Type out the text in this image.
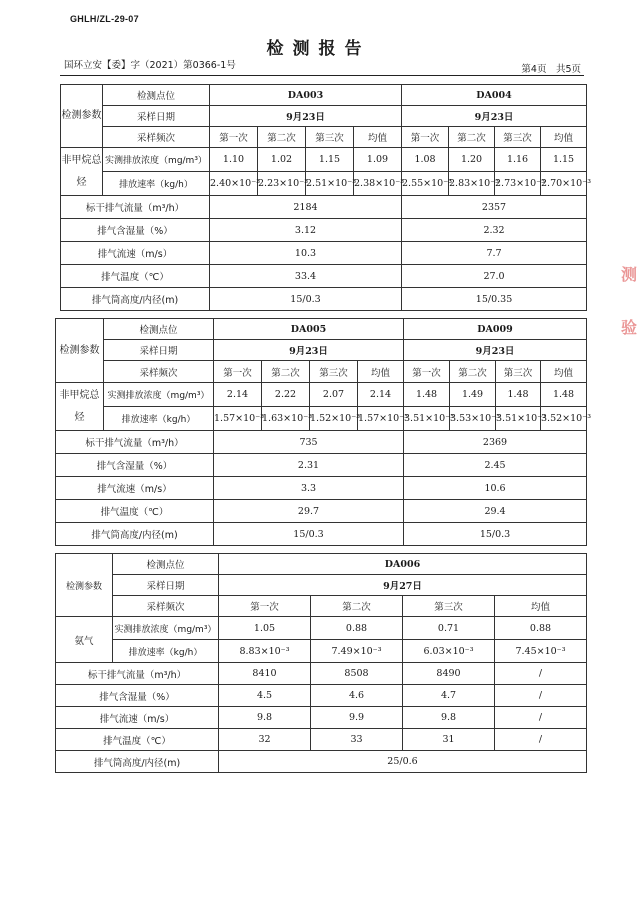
GHLH/ZL-29-07
检测报告
国环立安【委】字（2021）第0366-1号	第4页　共5页
测
验
检测参数	检测点位	DA003				DA004			
	采样日期	9月23日				9月23日			
	采样频次	第一次	第二次	第三次	均值	第一次	第二次	第三次	均值
非甲烷总烃	实测排放浓度（mg/m³）	1.10	1.02	1.15	1.09	1.08	1.20	1.16	1.15
	排放速率（kg/h）	2.40×10⁻³	2.23×10⁻³	2.51×10⁻³	2.38×10⁻³	2.55×10⁻³	2.83×10⁻³	2.73×10⁻³	2.70×10⁻³
标干排气流量（m³/h）		2184				2357			
排气含湿量（%）		3.12				2.32			
排气流速（m/s）		10.3				7.7			
排气温度（℃）		33.4				27.0			
排气筒高度/内径(m)		15/0.3				15/0.35			
检测参数	检测点位	DA005				DA009			
	采样日期	9月23日				9月23日			
	采样频次	第一次	第二次	第三次	均值	第一次	第二次	第三次	均值
非甲烷总烃	实测排放浓度（mg/m³）	2.14	2.22	2.07	2.14	1.48	1.49	1.48	1.48
	排放速率（kg/h）	1.57×10⁻³	1.63×10⁻³	1.52×10⁻³	1.57×10⁻³	3.51×10⁻³	3.53×10⁻³	3.51×10⁻³	3.52×10⁻³
标干排气流量（m³/h）		735				2369			
排气含湿量（%）		2.31				2.45			
排气流速（m/s）		3.3				10.6			
排气温度（℃）		29.7				29.4			
排气筒高度/内径(m)		15/0.3				15/0.3			
检测参数	检测点位	DA006			
	采样日期	9月27日			
	采样频次	第一次	第二次	第三次	均值
氨气	实测排放浓度（mg/m³）	1.05	0.88	0.71	0.88
	排放速率（kg/h）	8.83×10⁻³	7.49×10⁻³	6.03×10⁻³	7.45×10⁻³
标干排气流量（m³/h）		8410	8508	8490	/
排气含湿量（%）		4.5	4.6	4.7	/
排气流速（m/s）		9.8	9.9	9.8	/
排气温度（℃）		32	33	31	/
排气筒高度/内径(m)		25/0.6			
